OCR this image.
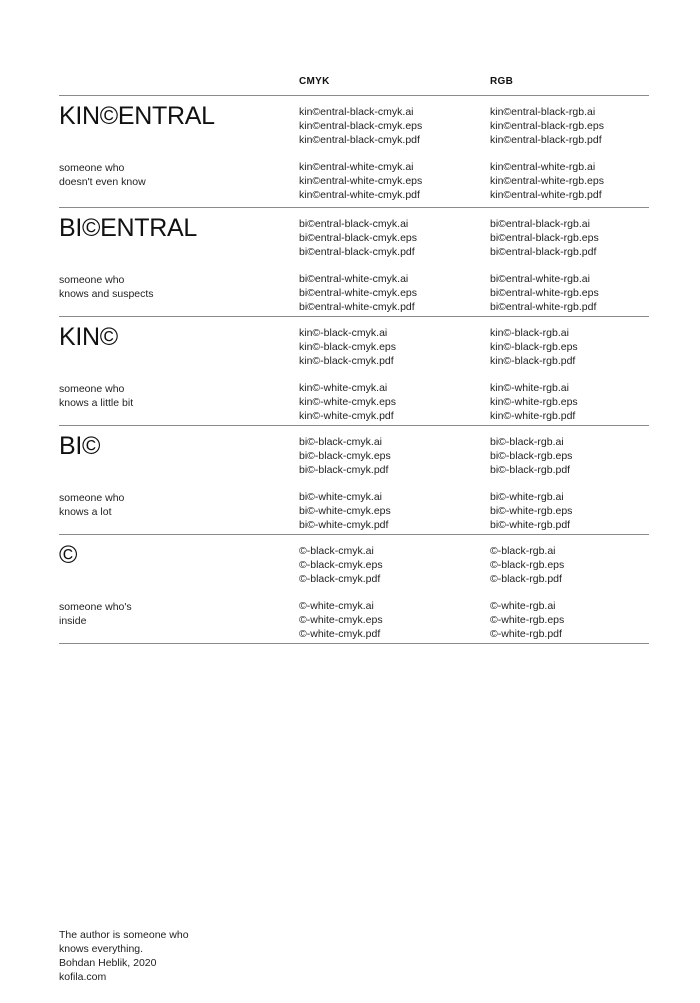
CMYK	RGB
KIN©ENTRAL
someone who
doesn't even know
kin©entral-black-cmyk.ai
kin©entral-black-cmyk.eps
kin©entral-black-cmyk.pdf
kin©entral-white-cmyk.ai
kin©entral-white-cmyk.eps
kin©entral-white-cmyk.pdf
kin©entral-black-rgb.ai
kin©entral-black-rgb.eps
kin©entral-black-rgb.pdf
kin©entral-white-rgb.ai
kin©entral-white-rgb.eps
kin©entral-white-rgb.pdf
BI©ENTRAL
someone who
knows and suspects
bi©entral-black-cmyk.ai
bi©entral-black-cmyk.eps
bi©entral-black-cmyk.pdf
bi©entral-white-cmyk.ai
bi©entral-white-cmyk.eps
bi©entral-white-cmyk.pdf
bi©entral-black-rgb.ai
bi©entral-black-rgb.eps
bi©entral-black-rgb.pdf
bi©entral-white-rgb.ai
bi©entral-white-rgb.eps
bi©entral-white-rgb.pdf
KIN©
someone who
knows a little bit
kin©-black-cmyk.ai
kin©-black-cmyk.eps
kin©-black-cmyk.pdf
kin©-white-cmyk.ai
kin©-white-cmyk.eps
kin©-white-cmyk.pdf
kin©-black-rgb.ai
kin©-black-rgb.eps
kin©-black-rgb.pdf
kin©-white-rgb.ai
kin©-white-rgb.eps
kin©-white-rgb.pdf
BI©
someone who
knows a lot
bi©-black-cmyk.ai
bi©-black-cmyk.eps
bi©-black-cmyk.pdf
bi©-white-cmyk.ai
bi©-white-cmyk.eps
bi©-white-cmyk.pdf
bi©-black-rgb.ai
bi©-black-rgb.eps
bi©-black-rgb.pdf
bi©-white-rgb.ai
bi©-white-rgb.eps
bi©-white-rgb.pdf
©
someone who's
inside
©-black-cmyk.ai
©-black-cmyk.eps
©-black-cmyk.pdf
©-white-cmyk.ai
©-white-cmyk.eps
©-white-cmyk.pdf
©-black-rgb.ai
©-black-rgb.eps
©-black-rgb.pdf
©-white-rgb.ai
©-white-rgb.eps
©-white-rgb.pdf
The author is someone who
knows everything.
Bohdan Heblik, 2020
kofila.com
